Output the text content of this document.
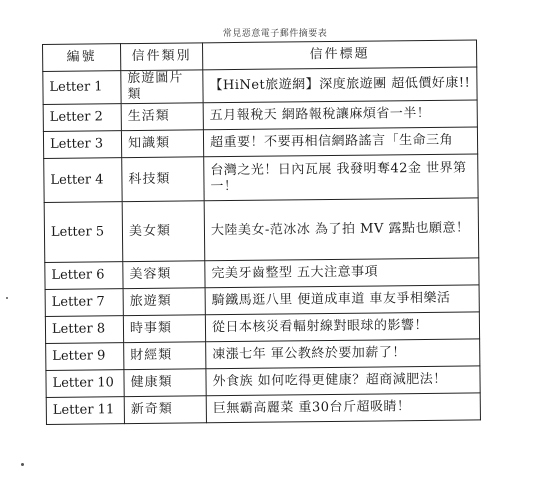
常見惡意電子郵件摘要表
編號	信件類別	信件標題
Letter 1	旅遊圖片類	【HiNet旅遊網】深度旅遊團 超低價好康!!
Letter 2	生活類	五月報稅天 網路報稅讓麻煩省一半！
Letter 3	知識類	超重要！不要再相信網路謠言「生命三角
Letter 4	科技類	台灣之光！日內瓦展 我發明奪42金 世界第一！
Letter 5	美女類	大陸美女-范冰冰 為了拍 MV 露點也願意！
Letter 6	美容類	完美牙齒整型 五大注意事項
Letter 7	旅遊類	騎鐵馬逛八里 便道成車道 車友爭相樂活
Letter 8	時事類	從日本核災看輻射線對眼球的影響！
Letter 9	財經類	凍漲七年 軍公教終於要加薪了！
Letter 10	健康類	外食族 如何吃得更健康？超商減肥法！
Letter 11	新奇類	巨無霸高麗菜 重30台斤超吸睛！
